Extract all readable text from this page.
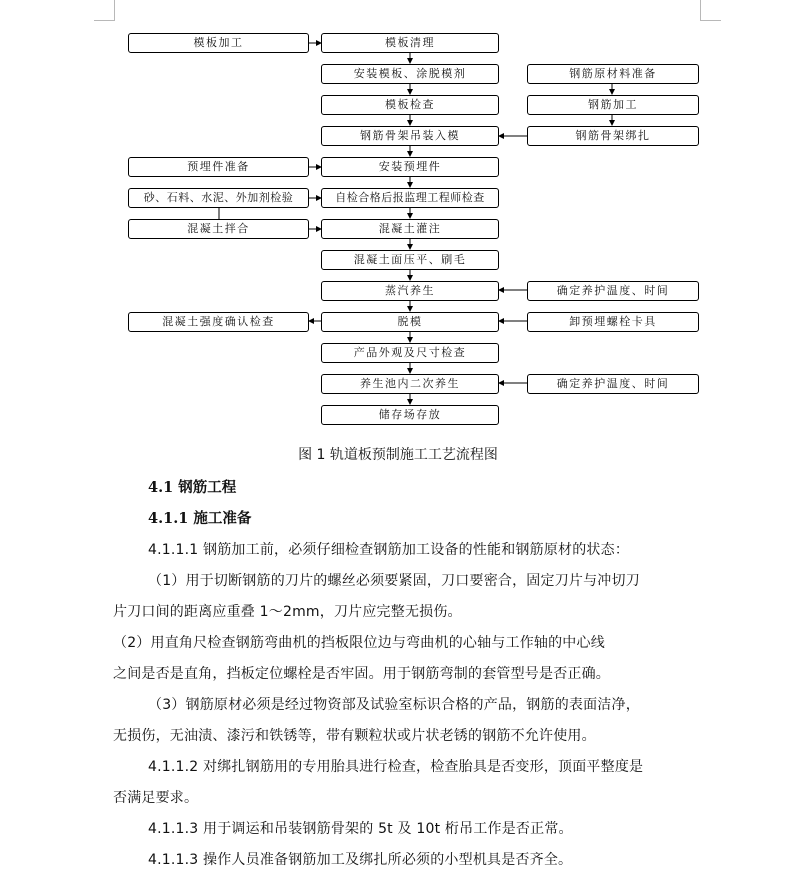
模板加工	模板清理
安装模板、涂脱模剂
模板检查
钢筋骨架吊装入模
安装预埋件
自检合格后报监理工程师检查
混凝土灌注
混凝土面压平、刷毛
蒸汽养生
脱模
产品外观及尺寸检查
养生池内二次养生
储存场存放
预埋件准备
砂、石料、水泥、外加剂检验
混凝土拌合
混凝土强度确认检查
钢筋原材料准备
钢筋加工
钢筋骨架绑扎
确定养护温度、时间
卸预埋螺栓卡具
确定养护温度、时间
图 1 轨道板预制施工工艺流程图
4.1 钢筋工程
4.1.1 施工准备
4.1.1.1 钢筋加工前，必须仔细检查钢筋加工设备的性能和钢筋原材的状态：
（1）用于切断钢筋的刀片的螺丝必须要紧固，刀口要密合，固定刀片与冲切刀
片刀口间的距离应重叠 1～2mm，刀片应完整无损伤。
（2）用直角尺检查钢筋弯曲机的挡板限位边与弯曲机的心轴与工作轴的中心线
之间是否是直角，挡板定位螺栓是否牢固。用于钢筋弯制的套管型号是否正确。
（3）钢筋原材必须是经过物资部及试验室标识合格的产品，钢筋的表面洁净，
无损伤，无油渍、漆污和铁锈等，带有颗粒状或片状老锈的钢筋不允许使用。
4.1.1.2 对绑扎钢筋用的专用胎具进行检查，检查胎具是否变形，顶面平整度是
否满足要求。
4.1.1.3 用于调运和吊装钢筋骨架的 5t 及 10t 桁吊工作是否正常。
4.1.1.3 操作人员准备钢筋加工及绑扎所必须的小型机具是否齐全。
